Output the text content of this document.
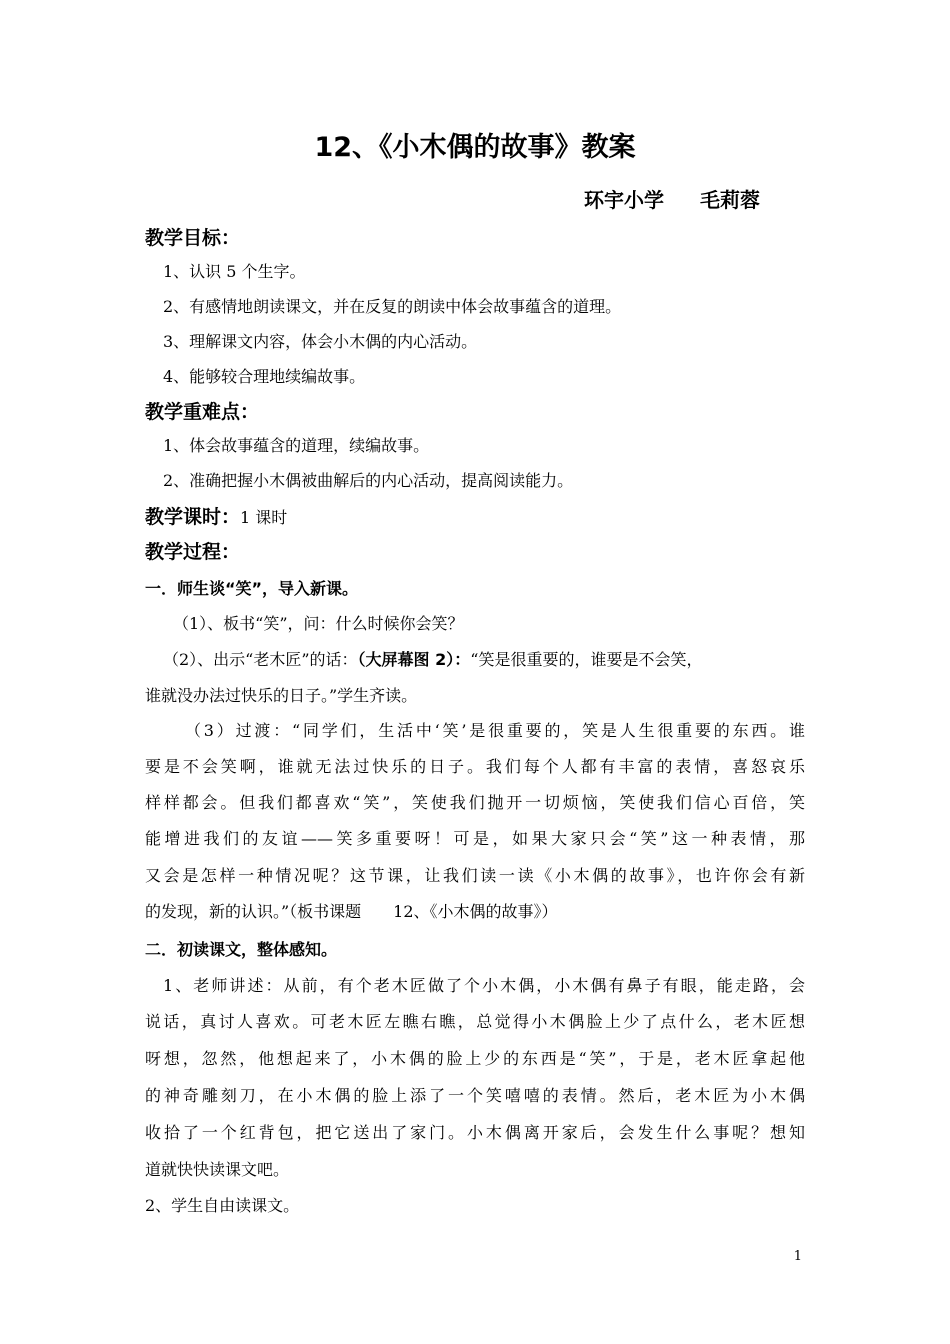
12、《小木偶的故事》教案
环宇小学 毛莉蓉
教学目标：
1、认识 5 个生字。
2、有感情地朗读课文，并在反复的朗读中体会故事蕴含的道理。
3、理解课文内容，体会小木偶的内心活动。
4、能够较合理地续编故事。
教学重难点：
1、体会故事蕴含的道理，续编故事。
2、准确把握小木偶被曲解后的内心活动，提高阅读能力。
教学课时：1 课时
教学过程：
一．师生谈“笑”，导入新课。
（1）、板书“笑”，问：什么时候你会笑？
（2）、出示“老木匠”的话：（大屏幕图 2）：“笑是很重要的，谁要是不会笑，
谁就没办法过快乐的日子。”学生齐读。
（3）过渡：“同学们，生活中‘笑’是很重要的，笑是人生很重要的东西。谁
要是不会笑啊，谁就无法过快乐的日子。我们每个人都有丰富的表情，喜怒哀乐
样样都会。但我们都喜欢“笑”，笑使我们抛开一切烦恼，笑使我们信心百倍，笑
能增进我们的友谊——笑多重要呀！可是，如果大家只会“笑”这一种表情，那
又会是怎样一种情况呢？这节课，让我们读一读《小木偶的故事》，也许你会有新
的发现，新的认识。”（板书课题　　12、《小木偶的故事》）
二．初读课文，整体感知。
1、老师讲述：从前，有个老木匠做了个小木偶，小木偶有鼻子有眼，能走路，会
说话，真讨人喜欢。可老木匠左瞧右瞧，总觉得小木偶脸上少了点什么，老木匠想
呀想，忽然，他想起来了，小木偶的脸上少的东西是“笑”，于是，老木匠拿起他
的神奇雕刻刀，在小木偶的脸上添了一个笑嘻嘻的表情。然后，老木匠为小木偶
收拾了一个红背包，把它送出了家门。小木偶离开家后，会发生什么事呢？想知
道就快快读课文吧。
2、学生自由读课文。
1
